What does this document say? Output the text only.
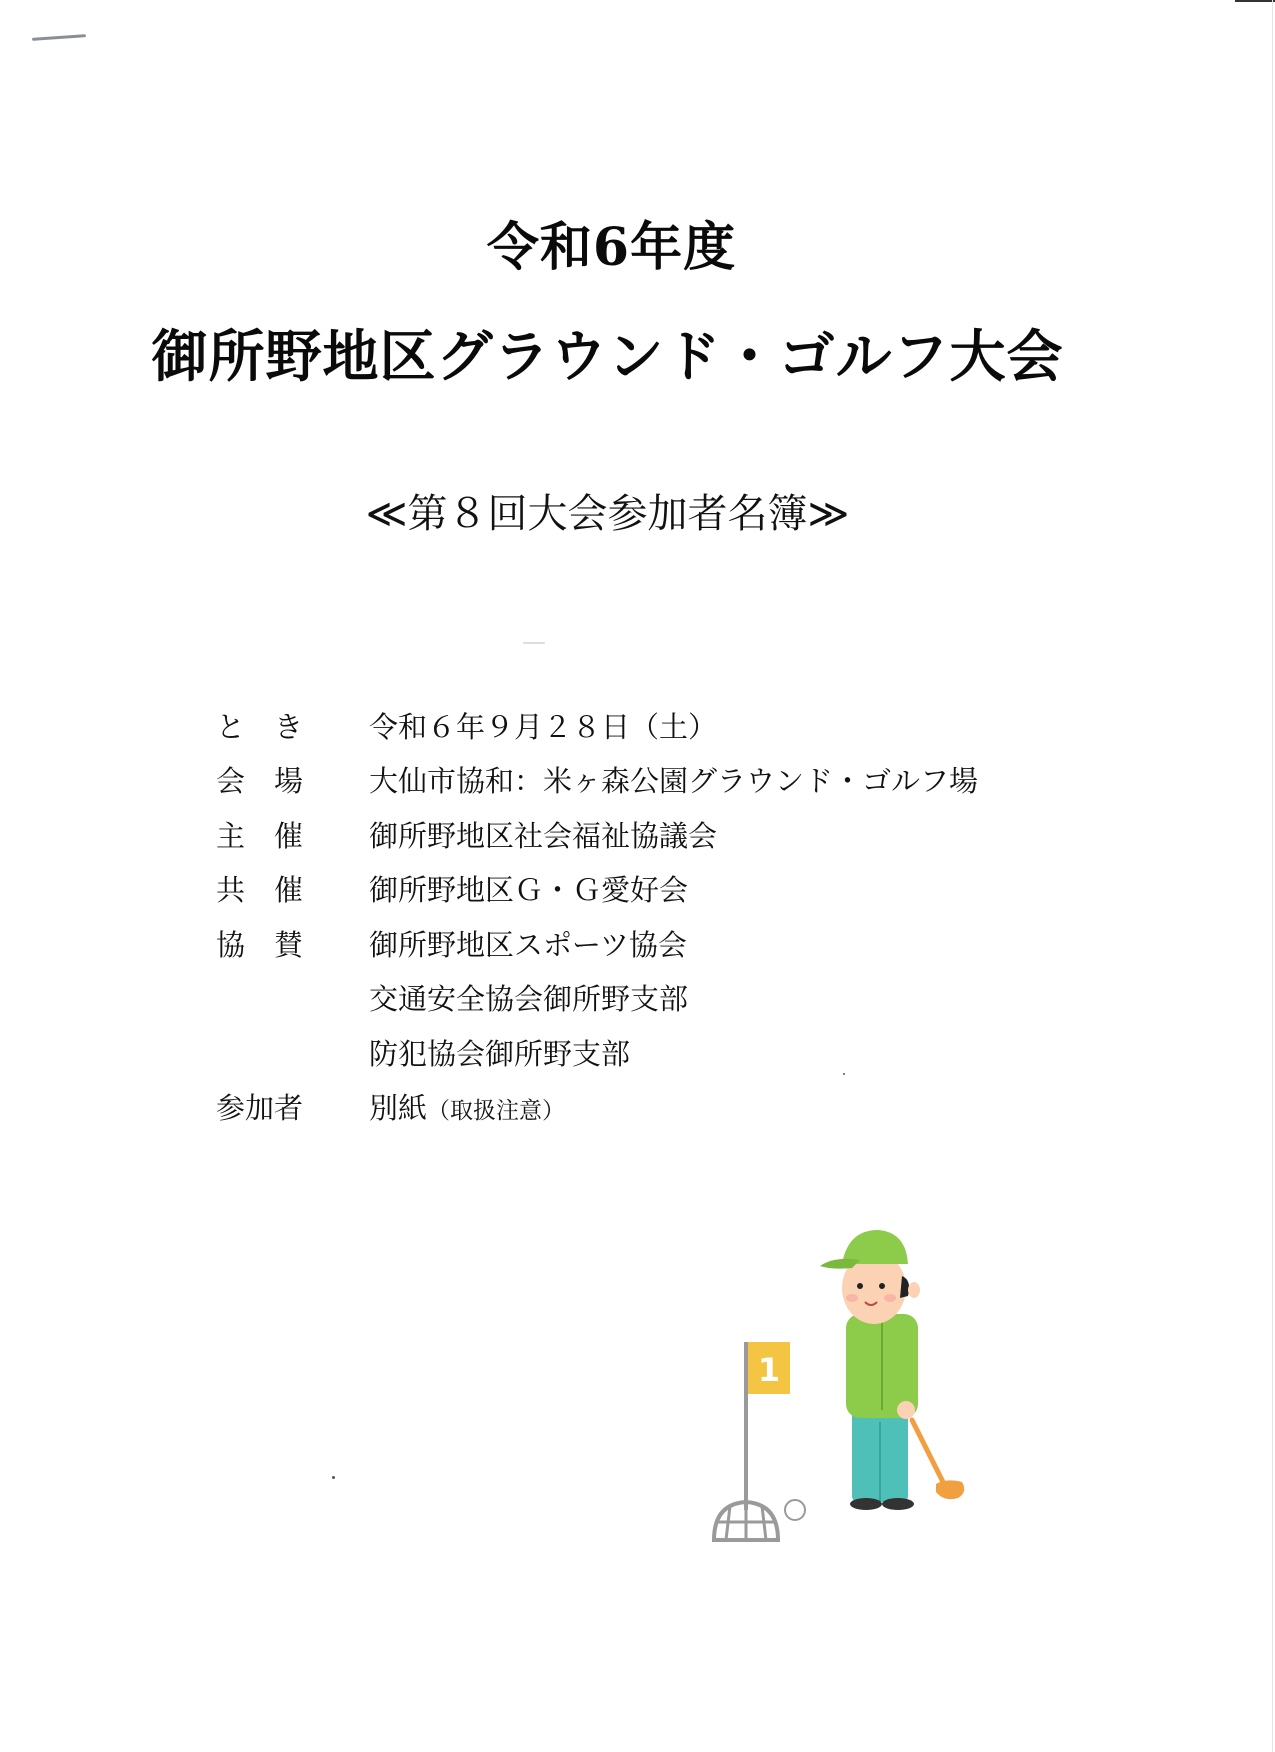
令和6年度
御所野地区グラウンド・ゴルフ大会
≪第８回大会参加者名簿≫
と　き	令和６年９月２８日（土）
会　場	大仙市協和：米ヶ森公園グラウンド・ゴルフ場
主　催	御所野地区社会福祉協議会
共　催	御所野地区Ｇ・Ｇ愛好会
協　賛	御所野地区スポーツ協会
交通安全協会御所野支部
防犯協会御所野支部
参加者	別紙（取扱注意）
1
